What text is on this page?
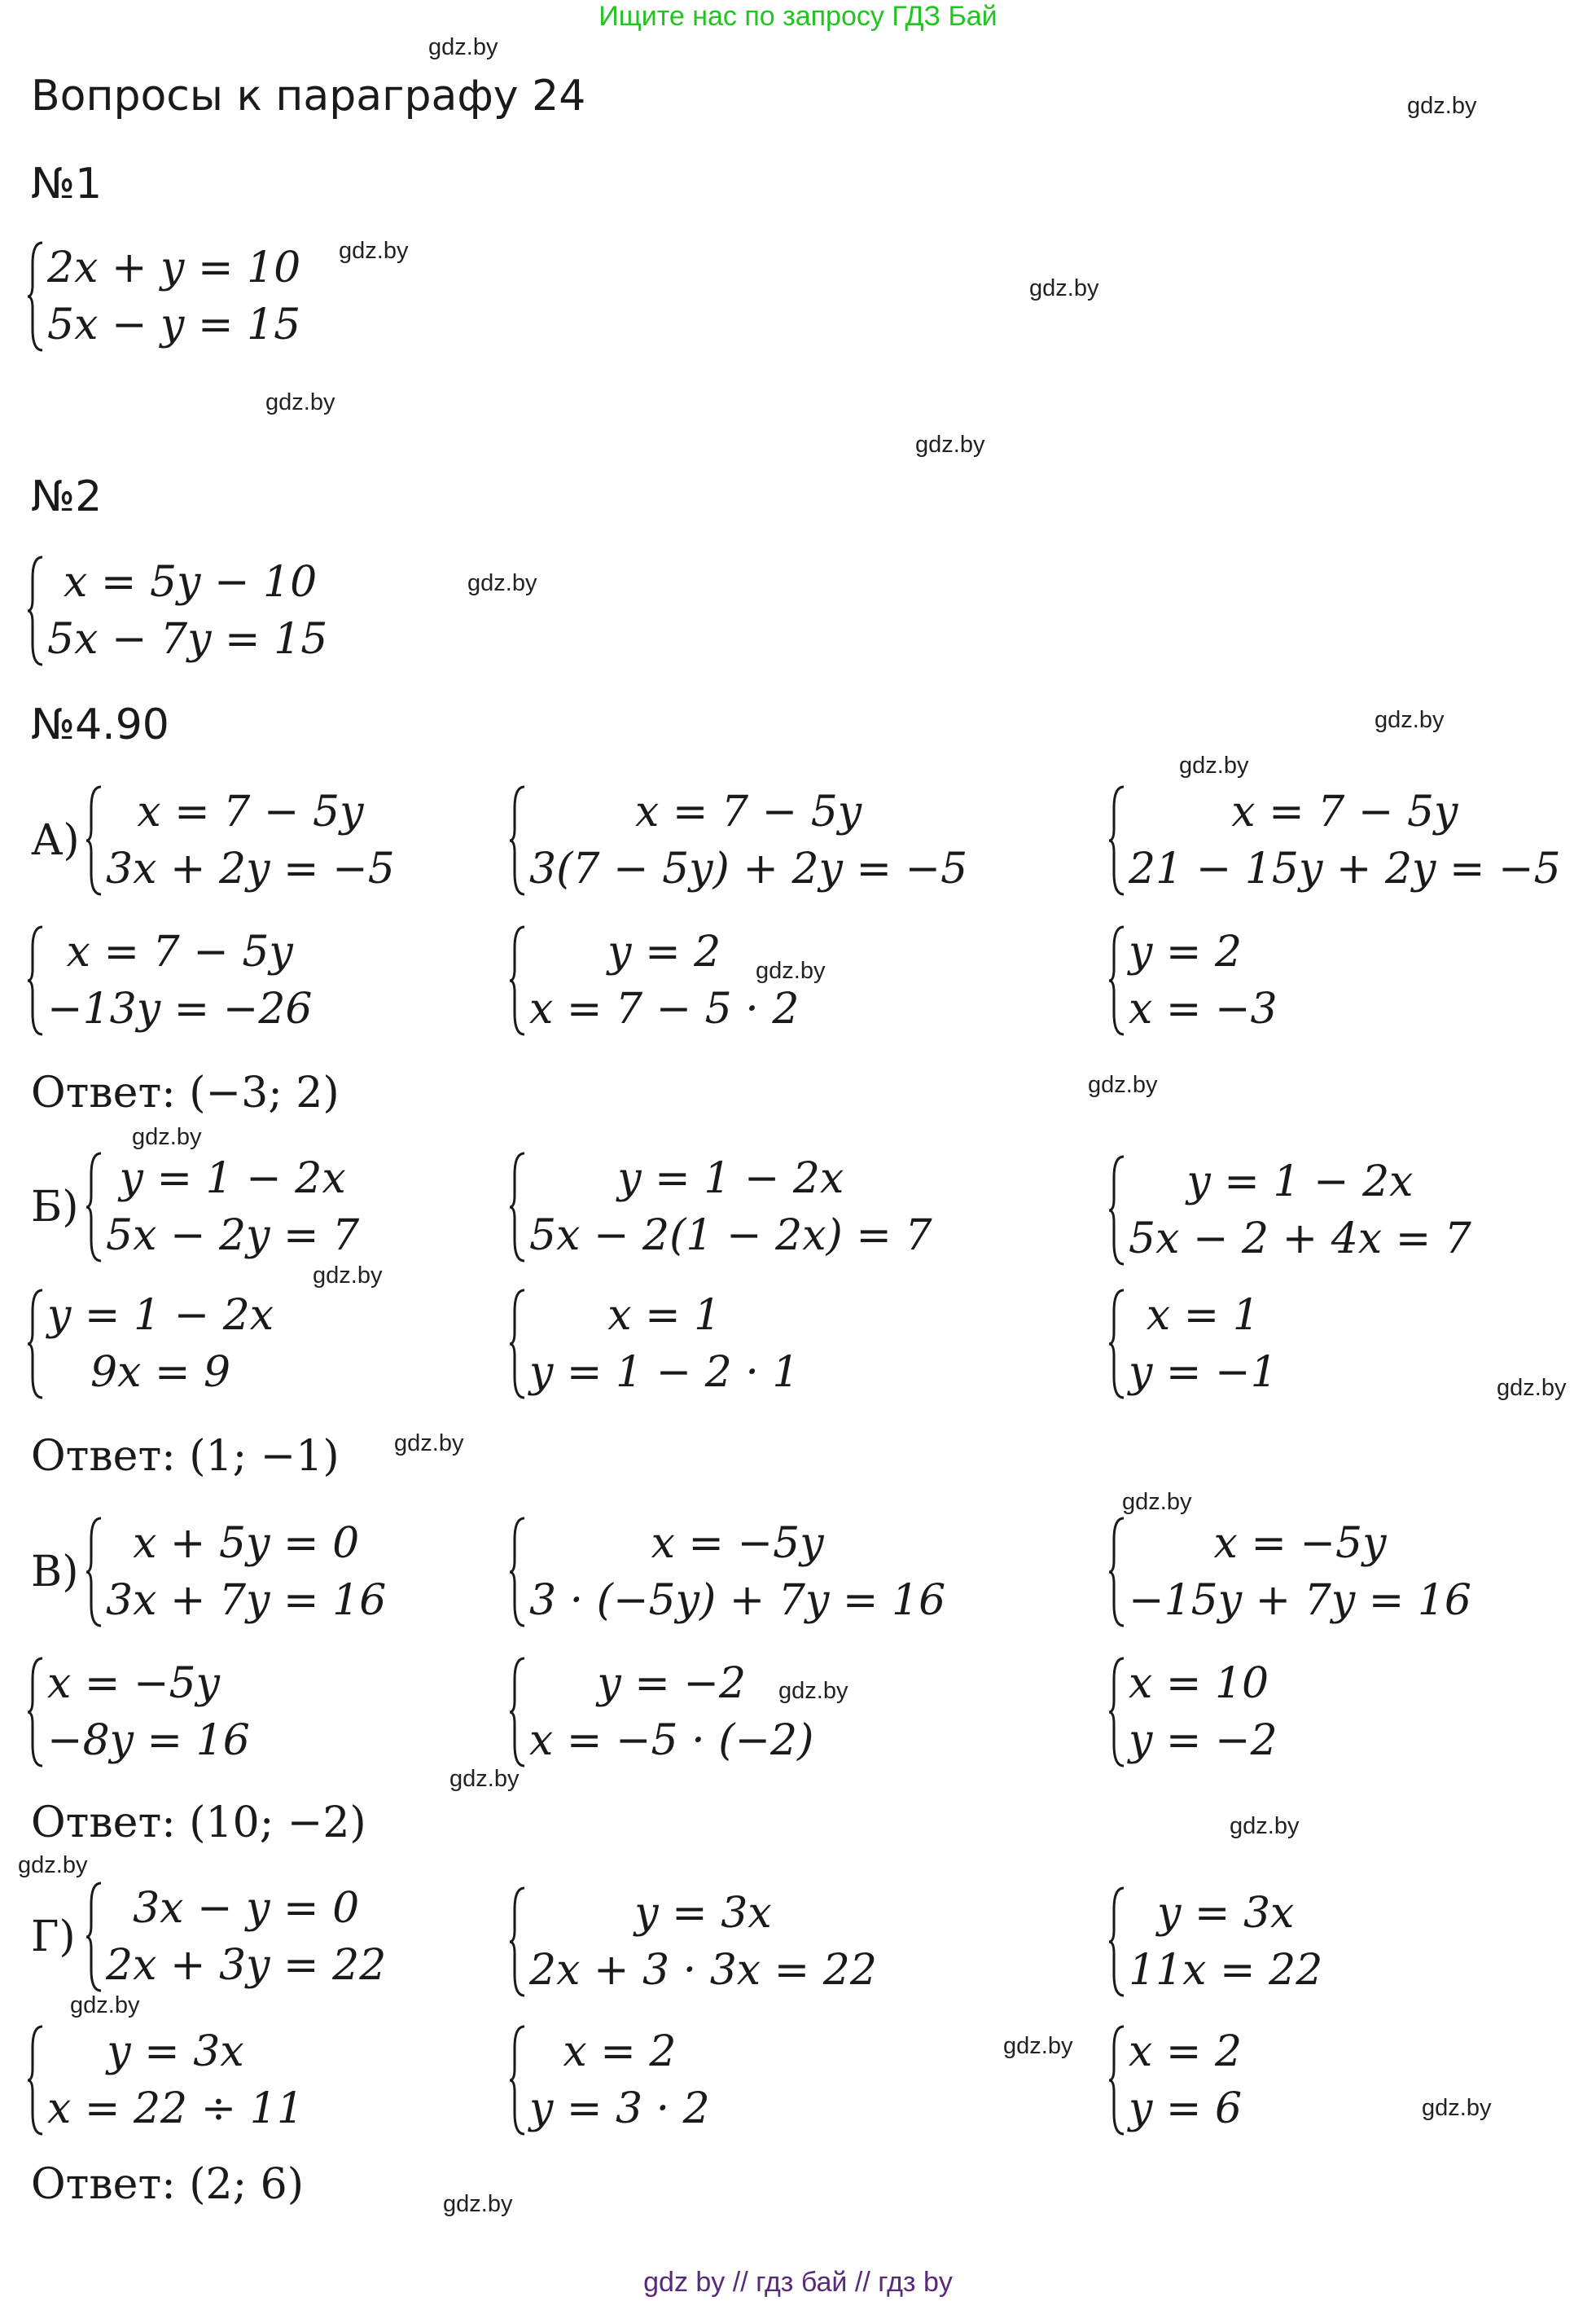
Ищите нас по запросу ГДЗ Бай
Вопросы к параграфу 24
№1
2x + y = 10
5x − y = 15
№2
x = 5y − 10
5x − 7y = 15
№4.90
А)
x = 7 − 5y
3x + 2y = −5
x = 7 − 5y
3(7 − 5y) + 2y = −5
x = 7 − 5y
21 − 15y + 2y = −5
x = 7 − 5y
−13y = −26
y = 2
x = 7 − 5 · 2
y = 2
x = −3
Ответ: (−3; 2)
Б)
y = 1 − 2x
5x − 2y = 7
y = 1 − 2x
5x − 2(1 − 2x) = 7
y = 1 − 2x
5x − 2 + 4x = 7
y = 1 − 2x
9x = 9
x = 1
y = 1 − 2 · 1
x = 1
y = −1
Ответ: (1; −1)
В)
x + 5y = 0
3x + 7y = 16
x = −5y
3 · (−5y) + 7y = 16
x = −5y
−15y + 7y = 16
x = −5y
−8y = 16
y = −2
x = −5 · (−2)
x = 10
y = −2
Ответ: (10; −2)
Г)
3x − y = 0
2x + 3y = 22
y = 3x
2x + 3 · 3x = 22
y = 3x
11x = 22
y = 3x
x = 22 ÷ 11
x = 2
y = 3 · 2
x = 2
y = 6
Ответ: (2; 6)
gdz.by
gdz.by
gdz.by
gdz.by
gdz.by
gdz.by
gdz.by
gdz.by
gdz.by
gdz.by
gdz.by
gdz.by
gdz.by
gdz.by
gdz.by
gdz.by
gdz.by
gdz.by
gdz.by
gdz.by
gdz.by
gdz.by
gdz.by
gdz.by
gdz by // гдз бай // гдз by
